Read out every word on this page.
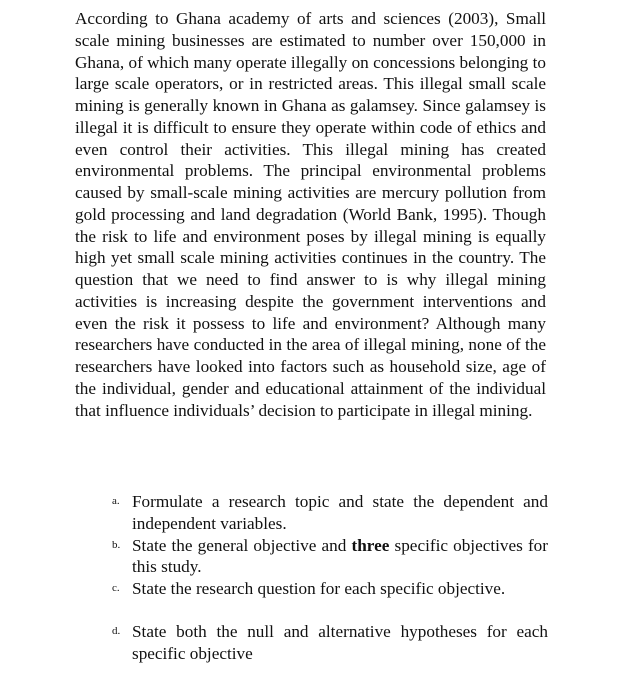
According to Ghana academy of arts and sciences (2003), Small scale mining businesses are estimated to number over 150,000 in Ghana, of which many operate illegally on concessions belonging to large scale operators, or in restricted areas. This illegal small scale mining is generally known in Ghana as galamsey. Since galamsey is illegal it is difficult to ensure they operate within code of ethics and even control their activities. This illegal mining has created environmental problems. The principal environmental problems caused by small-scale mining activities are mercury pollution from gold processing and land degradation (World Bank, 1995). Though the risk to life and environment poses by illegal mining is equally high yet small scale mining activities continues in the country. The question that we need to find answer to is why illegal mining activities is increasing despite the government interventions and even the risk it possess to life and environment? Although many researchers have conducted in the area of illegal mining, none of the researchers have looked into factors such as household size, age of the individual, gender and educational attainment of the individual that influence individuals’ decision to participate in illegal mining.

a. Formulate a research topic and state the dependent and independent variables.
b. State the general objective and three specific objectives for this study.
c. State the research question for each specific objective.
d. State both the null and alternative hypotheses for each specific objective
